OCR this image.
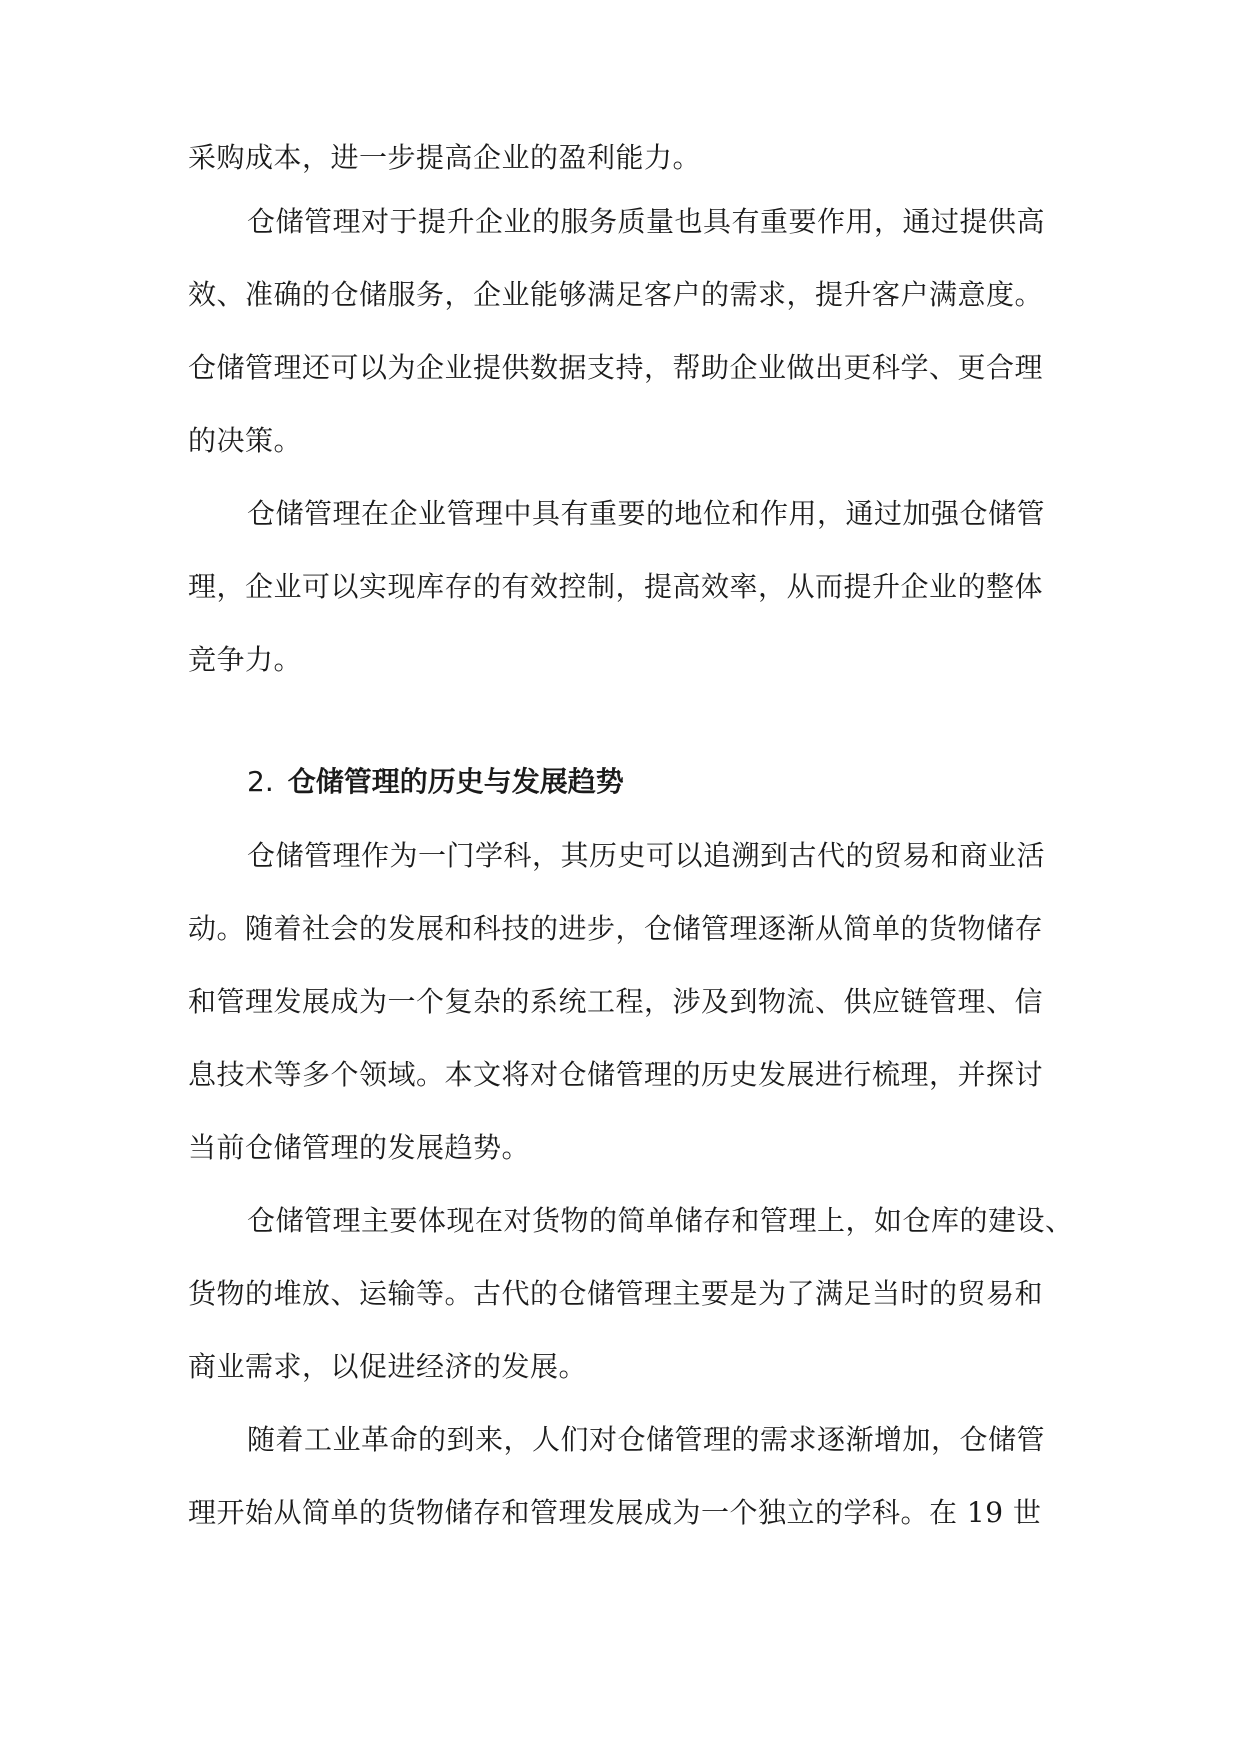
采购成本，进一步提高企业的盈利能力。
仓储管理对于提升企业的服务质量也具有重要作用，通过提供高
效、准确的仓储服务，企业能够满足客户的需求，提升客户满意度。
仓储管理还可以为企业提供数据支持，帮助企业做出更科学、更合理
的决策。
仓储管理在企业管理中具有重要的地位和作用，通过加强仓储管
理，企业可以实现库存的有效控制，提高效率，从而提升企业的整体
竞争力。
2. 仓储管理的历史与发展趋势
仓储管理作为一门学科，其历史可以追溯到古代的贸易和商业活
动。随着社会的发展和科技的进步，仓储管理逐渐从简单的货物储存
和管理发展成为一个复杂的系统工程，涉及到物流、供应链管理、信
息技术等多个领域。本文将对仓储管理的历史发展进行梳理，并探讨
当前仓储管理的发展趋势。
仓储管理主要体现在对货物的简单储存和管理上，如仓库的建设、
货物的堆放、运输等。古代的仓储管理主要是为了满足当时的贸易和
商业需求，以促进经济的发展。
随着工业革命的到来，人们对仓储管理的需求逐渐增加，仓储管
理开始从简单的货物储存和管理发展成为一个独立的学科。在 19 世
